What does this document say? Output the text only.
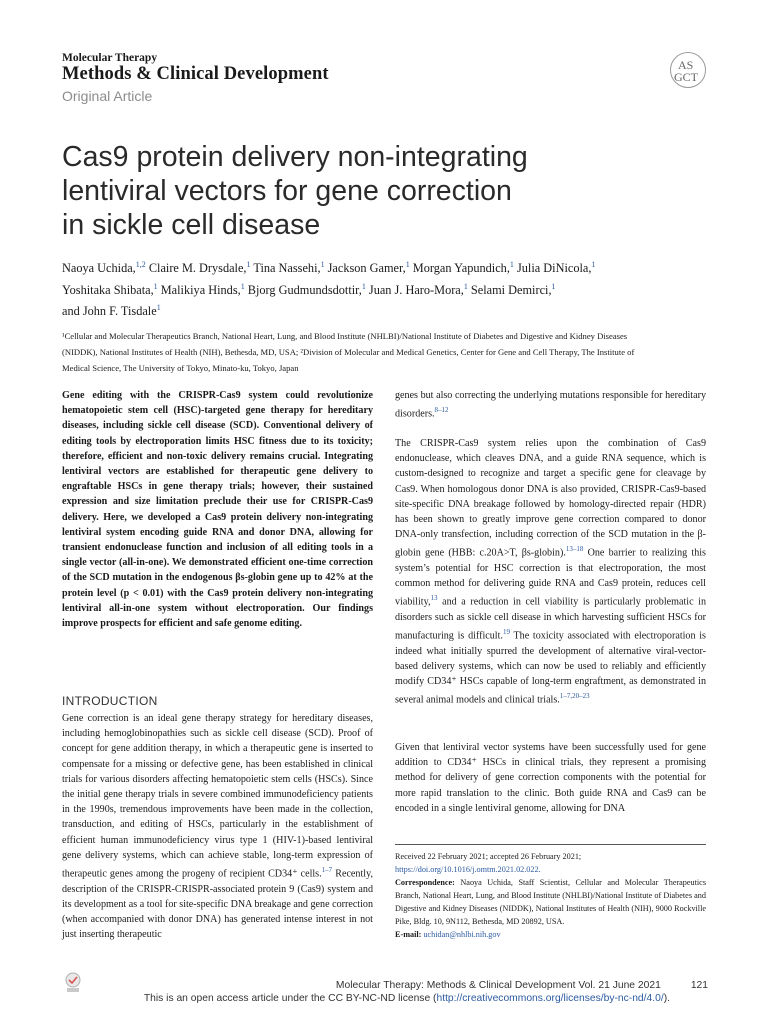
Molecular Therapy
Methods & Clinical Development
Original Article
AS
GCT
Cas9 protein delivery non-integrating
lentiviral vectors for gene correction
in sickle cell disease
Naoya Uchida,$^{1,2}$ Claire M. Drysdale,$^1$ Tina Nassehi,$^1$ Jackson Gamer,$^1$ Morgan Yapundich,$^1$ Julia DiNicola,$^1$
Yoshitaka Shibata,$^1$ Malikiya Hinds,$^1$ Bjorg Gudmundsdottir,$^1$ Juan J. Haro-Mora,$^1$ Selami Demirci,$^1$
and John F. Tisdale$^1$
¹Cellular and Molecular Therapeutics Branch, National Heart, Lung, and Blood Institute (NHLBI)/National Institute of Diabetes and Digestive and Kidney Diseases
(NIDDK), National Institutes of Health (NIH), Bethesda, MD, USA; ²Division of Molecular and Medical Genetics, Center for Gene and Cell Therapy, The Institute of
Medical Science, The University of Tokyo, Minato-ku, Tokyo, Japan
Gene editing with the CRISPR-Cas9 system could revolutionize hematopoietic stem cell (HSC)-targeted gene therapy for hereditary diseases, including sickle cell disease (SCD). Conventional delivery of editing tools by electroporation limits HSC fitness due to its toxicity; therefore, efficient and non-toxic delivery remains crucial. Integrating lentiviral vectors are established for therapeutic gene delivery to engraftable HSCs in gene therapy trials; however, their sustained expression and size limitation preclude their use for CRISPR-Cas9 delivery. Here, we developed a Cas9 protein delivery non-integrating lentiviral system encoding guide RNA and donor DNA, allowing for transient endonuclease function and inclusion of all editing tools in a single vector (all-in-one). We demonstrated efficient one-time correction of the SCD mutation in the endogenous βs-globin gene up to 42% at the protein level (p < 0.01) with the Cas9 protein delivery non-integrating lentiviral all-in-one system without electroporation. Our findings improve prospects for efficient and safe genome editing.
INTRODUCTION
Gene correction is an ideal gene therapy strategy for hereditary diseases, including hemoglobinopathies such as sickle cell disease (SCD). Proof of concept for gene addition therapy, in which a therapeutic gene is inserted to compensate for a missing or defective gene, has been established in clinical trials for various disorders affecting hematopoietic stem cells (HSCs). Since the initial gene therapy trials in severe combined immunodeficiency patients in the 1990s, tremendous improvements have been made in the collection, transduction, and editing of HSCs, particularly in the establishment of efficient human immunodeficiency virus type 1 (HIV-1)-based lentiviral gene delivery systems, which can achieve stable, long-term expression of therapeutic genes among the progeny of recipient CD34⁺ cells.$^{1-7}$ Recently, description of the CRISPR-CRISPR-associated protein 9 (Cas9) system and its development as a tool for site-specific DNA breakage and gene correction (when accompanied with donor DNA) has generated intense interest in not just inserting therapeutic
genes but also correcting the underlying mutations responsible for hereditary disorders.$^{8-12}$
The CRISPR-Cas9 system relies upon the combination of Cas9 endonuclease, which cleaves DNA, and a guide RNA sequence, which is custom-designed to recognize and target a specific gene for cleavage by Cas9. When homologous donor DNA is also provided, CRISPR-Cas9-based site-specific DNA breakage followed by homology-directed repair (HDR) has been shown to greatly improve gene correction compared to donor DNA-only transfection, including correction of the SCD mutation in the β-globin gene (HBB: c.20A>T, βs-globin).$^{13-18}$ One barrier to realizing this system’s potential for HSC correction is that electroporation, the most common method for delivering guide RNA and Cas9 protein, reduces cell viability,$^{13}$ and a reduction in cell viability is particularly problematic in disorders such as sickle cell disease in which harvesting sufficient HSCs for manufacturing is difficult.$^{19}$ The toxicity associated with electroporation is indeed what initially spurred the development of alternative viral-vector-based delivery systems, which can now be used to reliably and efficiently modify CD34⁺ HSCs capable of long-term engraftment, as demonstrated in several animal models and clinical trials.$^{1-7,20-23}$
Given that lentiviral vector systems have been successfully used for gene addition to CD34⁺ HSCs in clinical trials, they represent a promising method for delivery of gene correction components with the potential for more rapid translation to the clinic. Both guide RNA and Cas9 can be encoded in a single lentiviral genome, allowing for DNA
Received 22 February 2021; accepted 26 February 2021;
https://doi.org/10.1016/j.omtm.2021.02.022.
Correspondence: Naoya Uchida, Staff Scientist, Cellular and Molecular Therapeutics Branch, National Heart, Lung, and Blood Institute (NHLBI)/National Institute of Diabetes and Digestive and Kidney Diseases (NIDDK), National Institutes of Health (NIH), 9000 Rockville Pike, Bldg. 10, 9N112, Bethesda, MD 20892, USA.
E-mail: uchidan@nhlbi.nih.gov
Molecular Therapy: Methods & Clinical Development Vol. 21 June 2021	121
This is an open access article under the CC BY-NC-ND license (http://creativecommons.org/licenses/by-nc-nd/4.0/).
